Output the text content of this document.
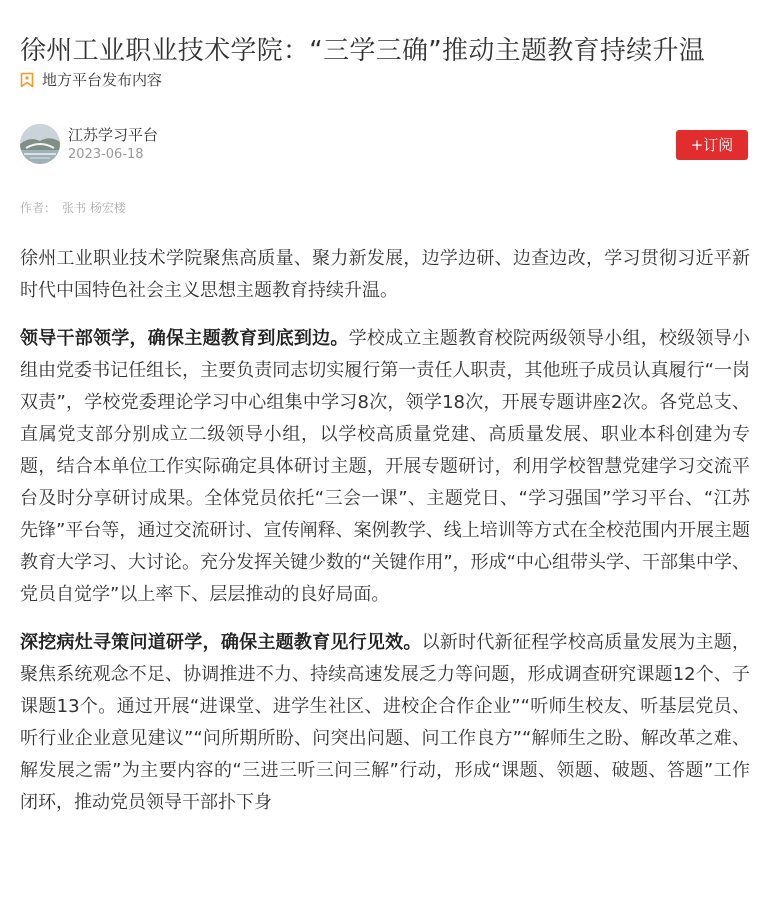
徐州工业职业技术学院：“三学三确”推动主题教育持续升温
地方平台发布内容
江苏学习平台
2023-06-18
+订阅
作者： 张书 杨宏楼

徐州工业职业技术学院聚焦高质量、聚力新发展，边学边研、边查边改，学习贯彻习近平新时代中国特色社会主义思想主题教育持续升温。

领导干部领学，确保主题教育到底到边。学校成立主题教育校院两级领导小组，校级领导小组由党委书记任组长，主要负责同志切实履行第一责任人职责，其他班子成员认真履行“一岗双责”，学校党委理论学习中心组集中学习8次，领学18次，开展专题讲座2次。各党总支、直属党支部分别成立二级领导小组，以学校高质量党建、高质量发展、职业本科创建为专题，结合本单位工作实际确定具体研讨主题，开展专题研讨，利用学校智慧党建学习交流平台及时分享研讨成果。全体党员依托“三会一课”、主题党日、“学习强国”学习平台、“江苏先锋”平台等，通过交流研讨、宣传阐释、案例教学、线上培训等方式在全校范围内开展主题教育大学习、大讨论。充分发挥关键少数的“关键作用”，形成“中心组带头学、干部集中学、党员自觉学”以上率下、层层推动的良好局面。

深挖病灶寻策问道研学，确保主题教育见行见效。以新时代新征程学校高质量发展为主题，聚焦系统观念不足、协调推进不力、持续高速发展乏力等问题，形成调查研究课题12个、子课题13个。通过开展“进课堂、进学生社区、进校企合作企业”“听师生校友、听基层党员、听行业企业意见建议”“问所期所盼、问突出问题、问工作良方”“解师生之盼、解改革之难、解发展之需”为主要内容的“三进三听三问三解”行动，形成“课题、领题、破题、答题”工作闭环，推动党员领导干部扑下身
